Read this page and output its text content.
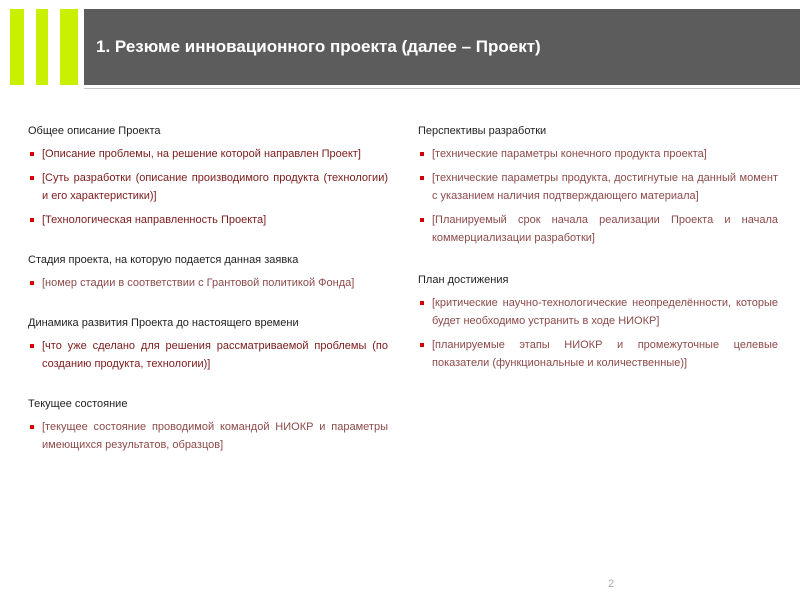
1. Резюме инновационного проекта (далее – Проект)
Общее описание Проекта
[Описание проблемы, на решение которой направлен Проект]
[Суть разработки (описание производимого продукта (технологии) и его характеристики)]
[Технологическая направленность Проекта]
Стадия проекта, на которую подается данная заявка
[номер стадии в соответствии с Грантовой политикой Фонда]
Динамика развития Проекта до настоящего времени
[что уже сделано для решения рассматриваемой проблемы (по созданию продукта, технологии)]
Текущее состояние
[текущее состояние проводимой командой НИОКР и параметры имеющихся результатов, образцов]
Перспективы разработки
[технические параметры конечного продукта проекта]
[технические параметры продукта, достигнутые на данный момент с указанием наличия подтверждающего материала]
[Планируемый срок начала реализации Проекта и начала коммерциализации разработки]
План достижения
[критические научно-технологические неопределённости, которые будет необходимо устранить в ходе НИОКР]
[планируемые этапы НИОКР и промежуточные целевые показатели (функциональные и количественные)]
2
